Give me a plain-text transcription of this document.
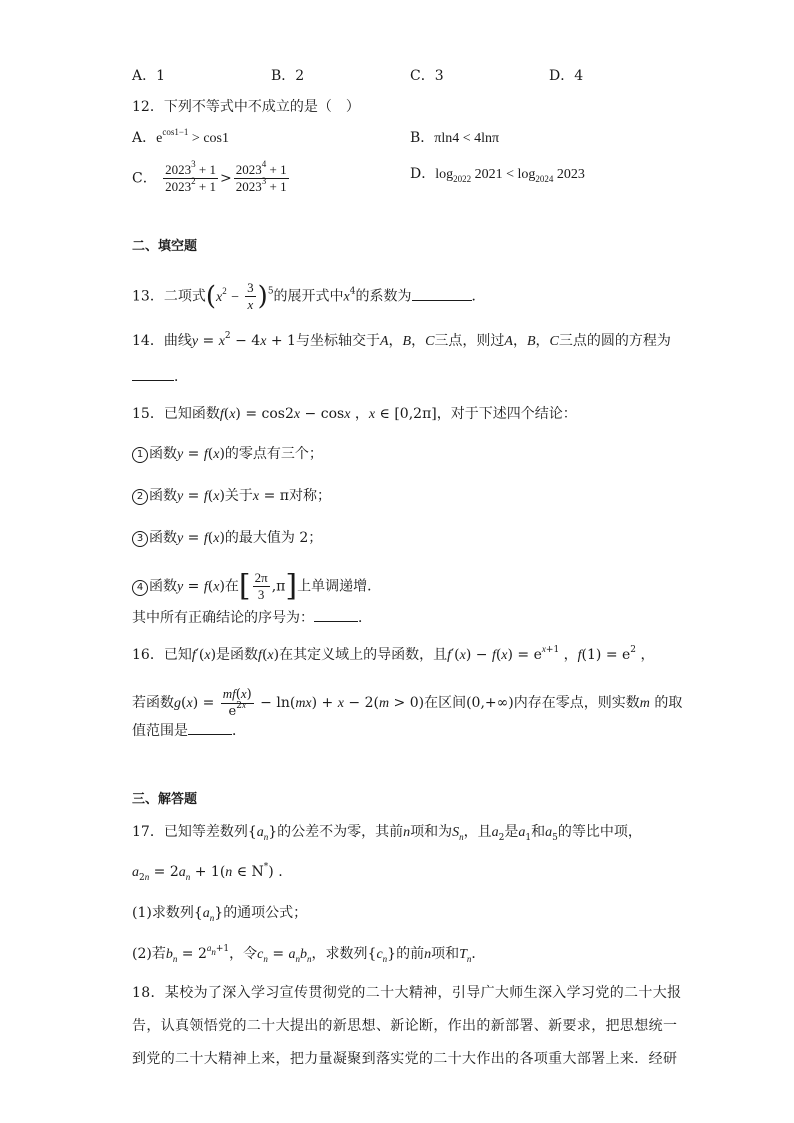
A．1	B．2	C．3	D．4
12．下列不等式中不成立的是（　）
A．$e^{cos1-1} > \cos 1$	B．πln4 < 4lnπ
C． $\frac{2023^3 + 1}{2023^2 + 1} > \frac{2023^4 + 1}{2023^3 + 1}$	D．$\log_{2022} 2021 < \log_{2024} 2023$
二、填空题
13．二项式$(x^2 - \frac{3}{x} )^5$的展开式中$x^4$的系数为	．
14．曲线$y = x^2 - 4x + 1$与坐标轴交于A，B，C三点，则过A，B，C三点的圆的方程为
．
15．已知函数f(x) = cos2x − cosx ，x ∈ [0,2π]，对于下述四个结论：
1 函数y = f(x)的零点有三个；
2 函数y = f(x)关于x = π对称；
3 函数y = f(x)的最大值为 2；
4 函数y = f(x)在[ $\frac{2\pi}{3} ,\pi$]上单调递增．
其中所有正确结论的序号为：	．
16．已知f′(x)是函数f(x)在其定义域上的导函数，且$f'(x) - f(x) = e^{x+1}$ ，$f(1) = e^2$ ，
若函数$g(x) = \frac{mf(x)}{e^{2x}} - \ln(mx) + x - 2(m > 0)$在区间(0,+∞)内存在零点，则实数m 的取
值范围是	．
三、解答题
17．已知等差数列$\{a_n\}$的公差不为零，其前n项和为$S_n$，且$a_2$是$a_1$和$a_5$的等比中项，
$a_{2n} = 2a_n + 1(n$ ∈ N*) .
(1)求数列$\{a_n\}$的通项公式；
(2)若$b_n = 2^{a_n+1}$，令$c_n = a_nb_n$，求数列$\{c_n\}$的前n项和$T_n$．
18．某校为了深入学习宣传贯彻党的二十大精神，引导广大师生深入学习党的二十大报
告，认真领悟党的二十大提出的新思想、新论断，作出的新部署、新要求，把思想统一
到党的二十大精神上来，把力量凝聚到落实党的二十大作出的各项重大部署上来．经研
